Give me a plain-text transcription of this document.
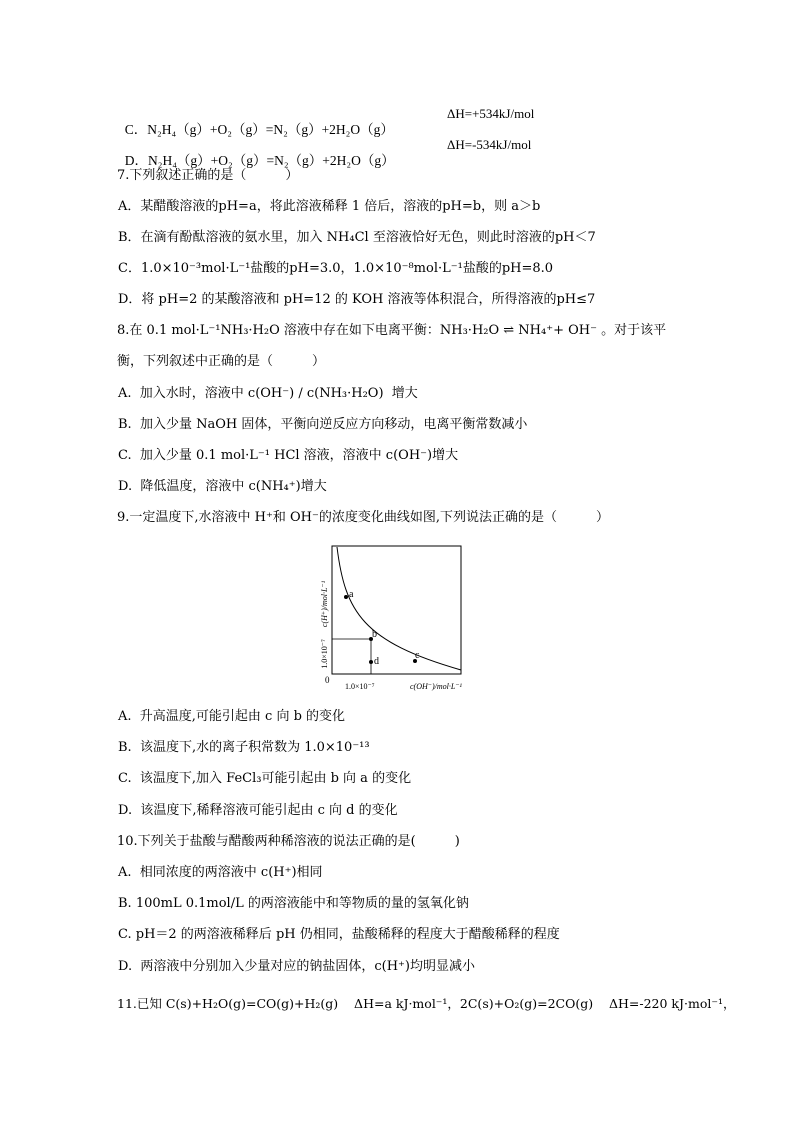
C．N₂H₄（g）+O₂（g）=N₂（g）+2H₂O（g）

ΔH=+534kJ/mol

D．N₂H₄（g）+O₂（g）=N₂（g）+2H₂O（g）

ΔH=-534kJ/mol
7.下列叙述正确的是（　　　）
A．某醋酸溶液的pH=a，将此溶液稀释 1 倍后，溶液的pH=b，则 a＞b
B．在滴有酚酞溶液的氨水里，加入 NH₄Cl 至溶液恰好无色，则此时溶液的pH＜7
C．1.0×10⁻³mol·L⁻¹盐酸的pH=3.0，1.0×10⁻⁸mol·L⁻¹盐酸的pH=8.0
D．将 pH=2 的某酸溶液和 pH=12 的 KOH 溶液等体积混合，所得溶液的pH≤7
8.在 0.1 mol·L⁻¹NH₃·H₂O 溶液中存在如下电离平衡：NH₃·H₂O ⇌ NH₄⁺+ OH⁻ 。对于该平
衡，下列叙述中正确的是（　　　）
A.  加入水时，溶液中 c(OH⁻) / c(NH₃·H₂O)  增大
B.  加入少量 NaOH 固体，平衡向逆反应方向移动，电离平衡常数减小
C.  加入少量 0.1 mol·L⁻¹ HCl 溶液，溶液中 c(OH⁻)增大
D.  降低温度，溶液中 c(NH₄⁺)增大
9.一定温度下,水溶液中 H⁺和 OH⁻的浓度变化曲线如图,下列说法正确的是（　　　）
a
b
c
d
0
c(H⁺)/mol·L⁻¹
1.0×10⁻⁷
1.0×10⁻⁷	c(OH⁻)/mol·L⁻¹
A.  升高温度,可能引起由 c 向 b 的变化
B.  该温度下,水的离子积常数为 1.0×10⁻¹³
C.  该温度下,加入 FeCl₃可能引起由 b 向 a 的变化
D.  该温度下,稀释溶液可能引起由 c 向 d 的变化
10.下列关于盐酸与醋酸两种稀溶液的说法正确的是(　　　)
A.  相同浓度的两溶液中 c(H⁺)相同
B. 100mL 0.1mol/L 的两溶液能中和等物质的量的氢氧化钠
C. pH＝2 的两溶液稀释后 pH 仍相同，盐酸稀释的程度大于醋酸稀释的程度
D.  两溶液中分别加入少量对应的钠盐固体，c(H⁺)均明显减小
11.已知 C(s)+H₂O(g)=CO(g)+H₂(g)    ΔH=a kJ·mol⁻¹，2C(s)+O₂(g)=2CO(g)    ΔH=-220 kJ·mol⁻¹，
